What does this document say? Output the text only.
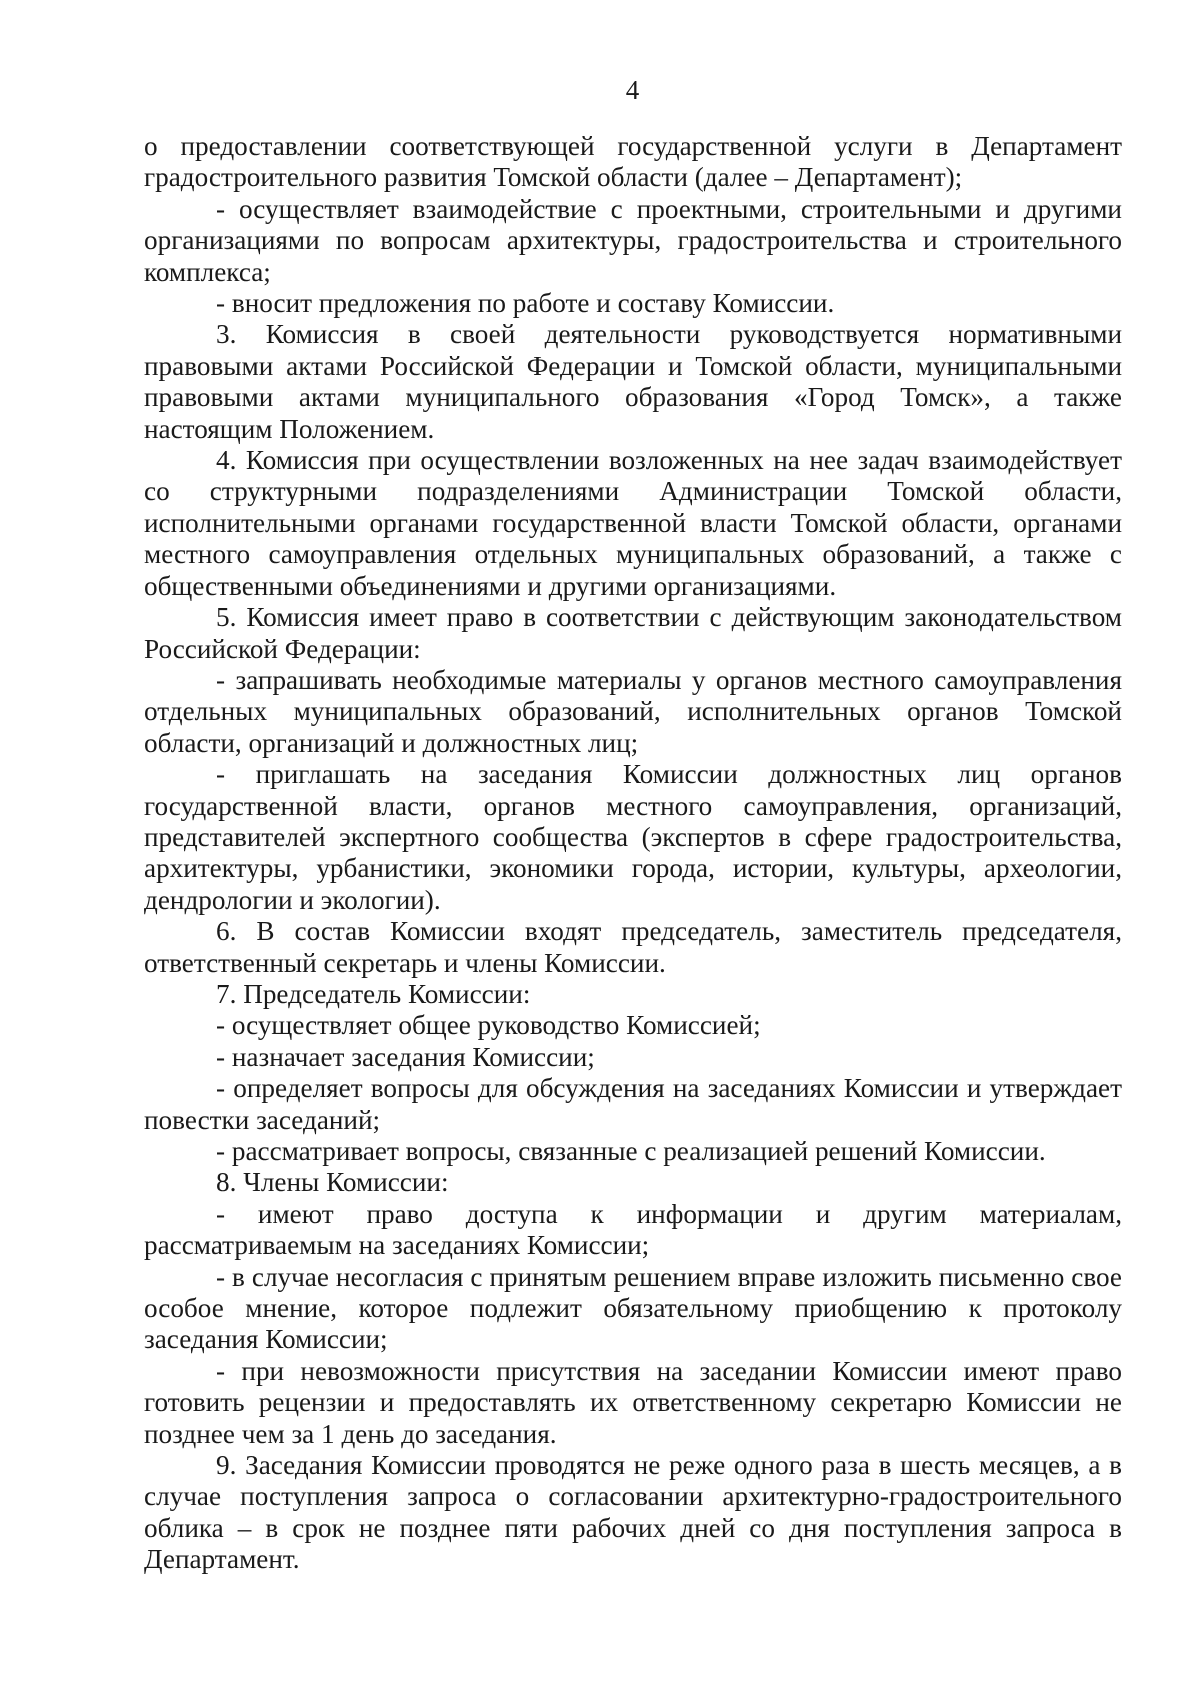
4

о предоставлении соответствующей государственной услуги в Департамент градостроительного развития Томской области (далее – Департамент);

- осуществляет взаимодействие с проектными, строительными и другими организациями по вопросам архитектуры, градостроительства и строительного комплекса;

- вносит предложения по работе и составу Комиссии.

3. Комиссия в своей деятельности руководствуется нормативными правовыми актами Российской Федерации и Томской области, муниципальными правовыми актами муниципального образования «Город Томск», а также настоящим Положением.

4. Комиссия при осуществлении возложенных на нее задач взаимодействует со структурными подразделениями Администрации Томской области, исполнительными органами государственной власти Томской области, органами местного самоуправления отдельных муниципальных образований, а также с общественными объединениями и другими организациями.

5. Комиссия имеет право в соответствии с действующим законодательством Российской Федерации:

- запрашивать необходимые материалы у органов местного самоуправления отдельных муниципальных образований, исполнительных органов Томской области, организаций и должностных лиц;

- приглашать на заседания Комиссии должностных лиц органов государственной власти, органов местного самоуправления, организаций, представителей экспертного сообщества (экспертов в сфере градостроительства, архитектуры, урбанистики, экономики города, истории, культуры, археологии, дендрологии и экологии).

6. В состав Комиссии входят председатель, заместитель председателя, ответственный секретарь и члены Комиссии.

7. Председатель Комиссии:

- осуществляет общее руководство Комиссией;

- назначает заседания Комиссии;

- определяет вопросы для обсуждения на заседаниях Комиссии и утверждает повестки заседаний;

- рассматривает вопросы, связанные с реализацией решений Комиссии.

8. Члены Комиссии:

- имеют право доступа к информации и другим материалам, рассматриваемым на заседаниях Комиссии;

- в случае несогласия с принятым решением вправе изложить письменно свое особое мнение, которое подлежит обязательному приобщению к протоколу заседания Комиссии;

- при невозможности присутствия на заседании Комиссии имеют право готовить рецензии и предоставлять их ответственному секретарю Комиссии не позднее чем за 1 день до заседания.

9. Заседания Комиссии проводятся не реже одного раза в шесть месяцев, а в случае поступления запроса о согласовании архитектурно-градостроительного облика – в срок не позднее пяти рабочих дней со дня поступления запроса в Департамент.
